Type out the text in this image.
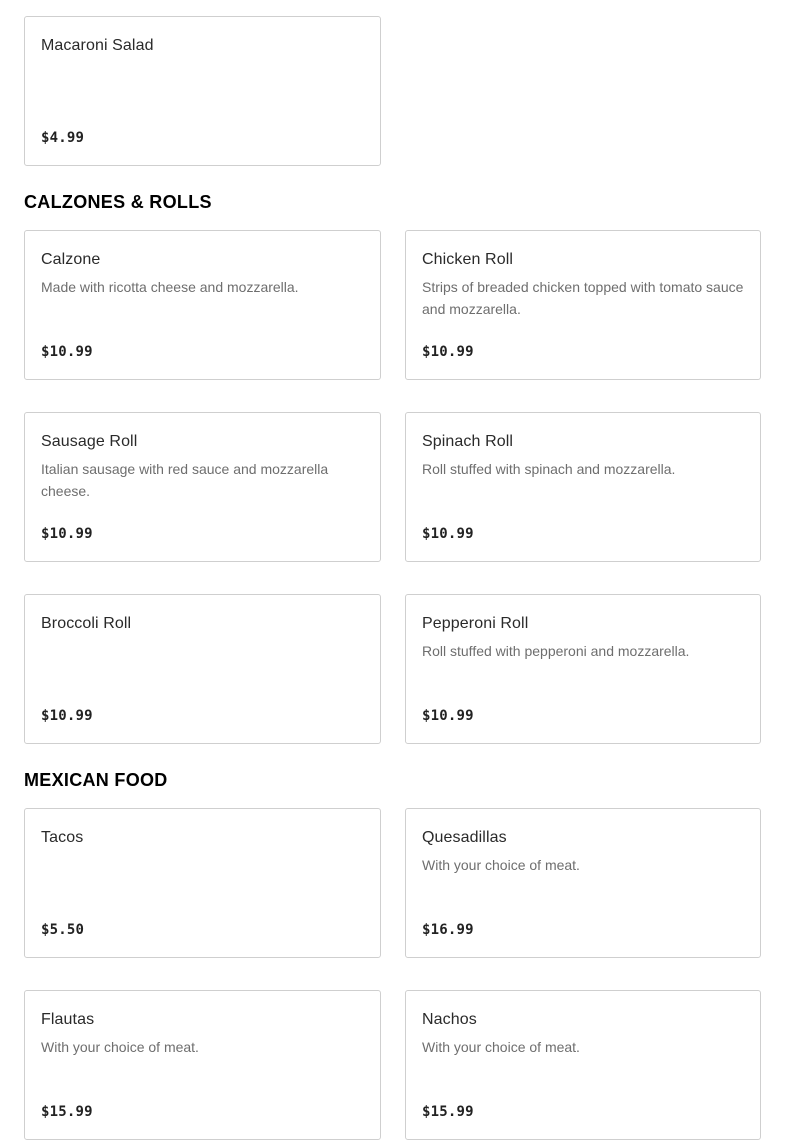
Macaroni Salad
$4.99
CALZONES & ROLLS
Calzone
Made with ricotta cheese and mozzarella.
$10.99
Chicken Roll
Strips of breaded chicken topped with tomato sauce and mozzarella.
$10.99
Sausage Roll
Italian sausage with red sauce and mozzarella cheese.
$10.99
Spinach Roll
Roll stuffed with spinach and mozzarella.
$10.99
Broccoli Roll
$10.99
Pepperoni Roll
Roll stuffed with pepperoni and mozzarella.
$10.99
MEXICAN FOOD
Tacos
$5.50
Quesadillas
With your choice of meat.
$16.99
Flautas
With your choice of meat.
$15.99
Nachos
With your choice of meat.
$15.99
